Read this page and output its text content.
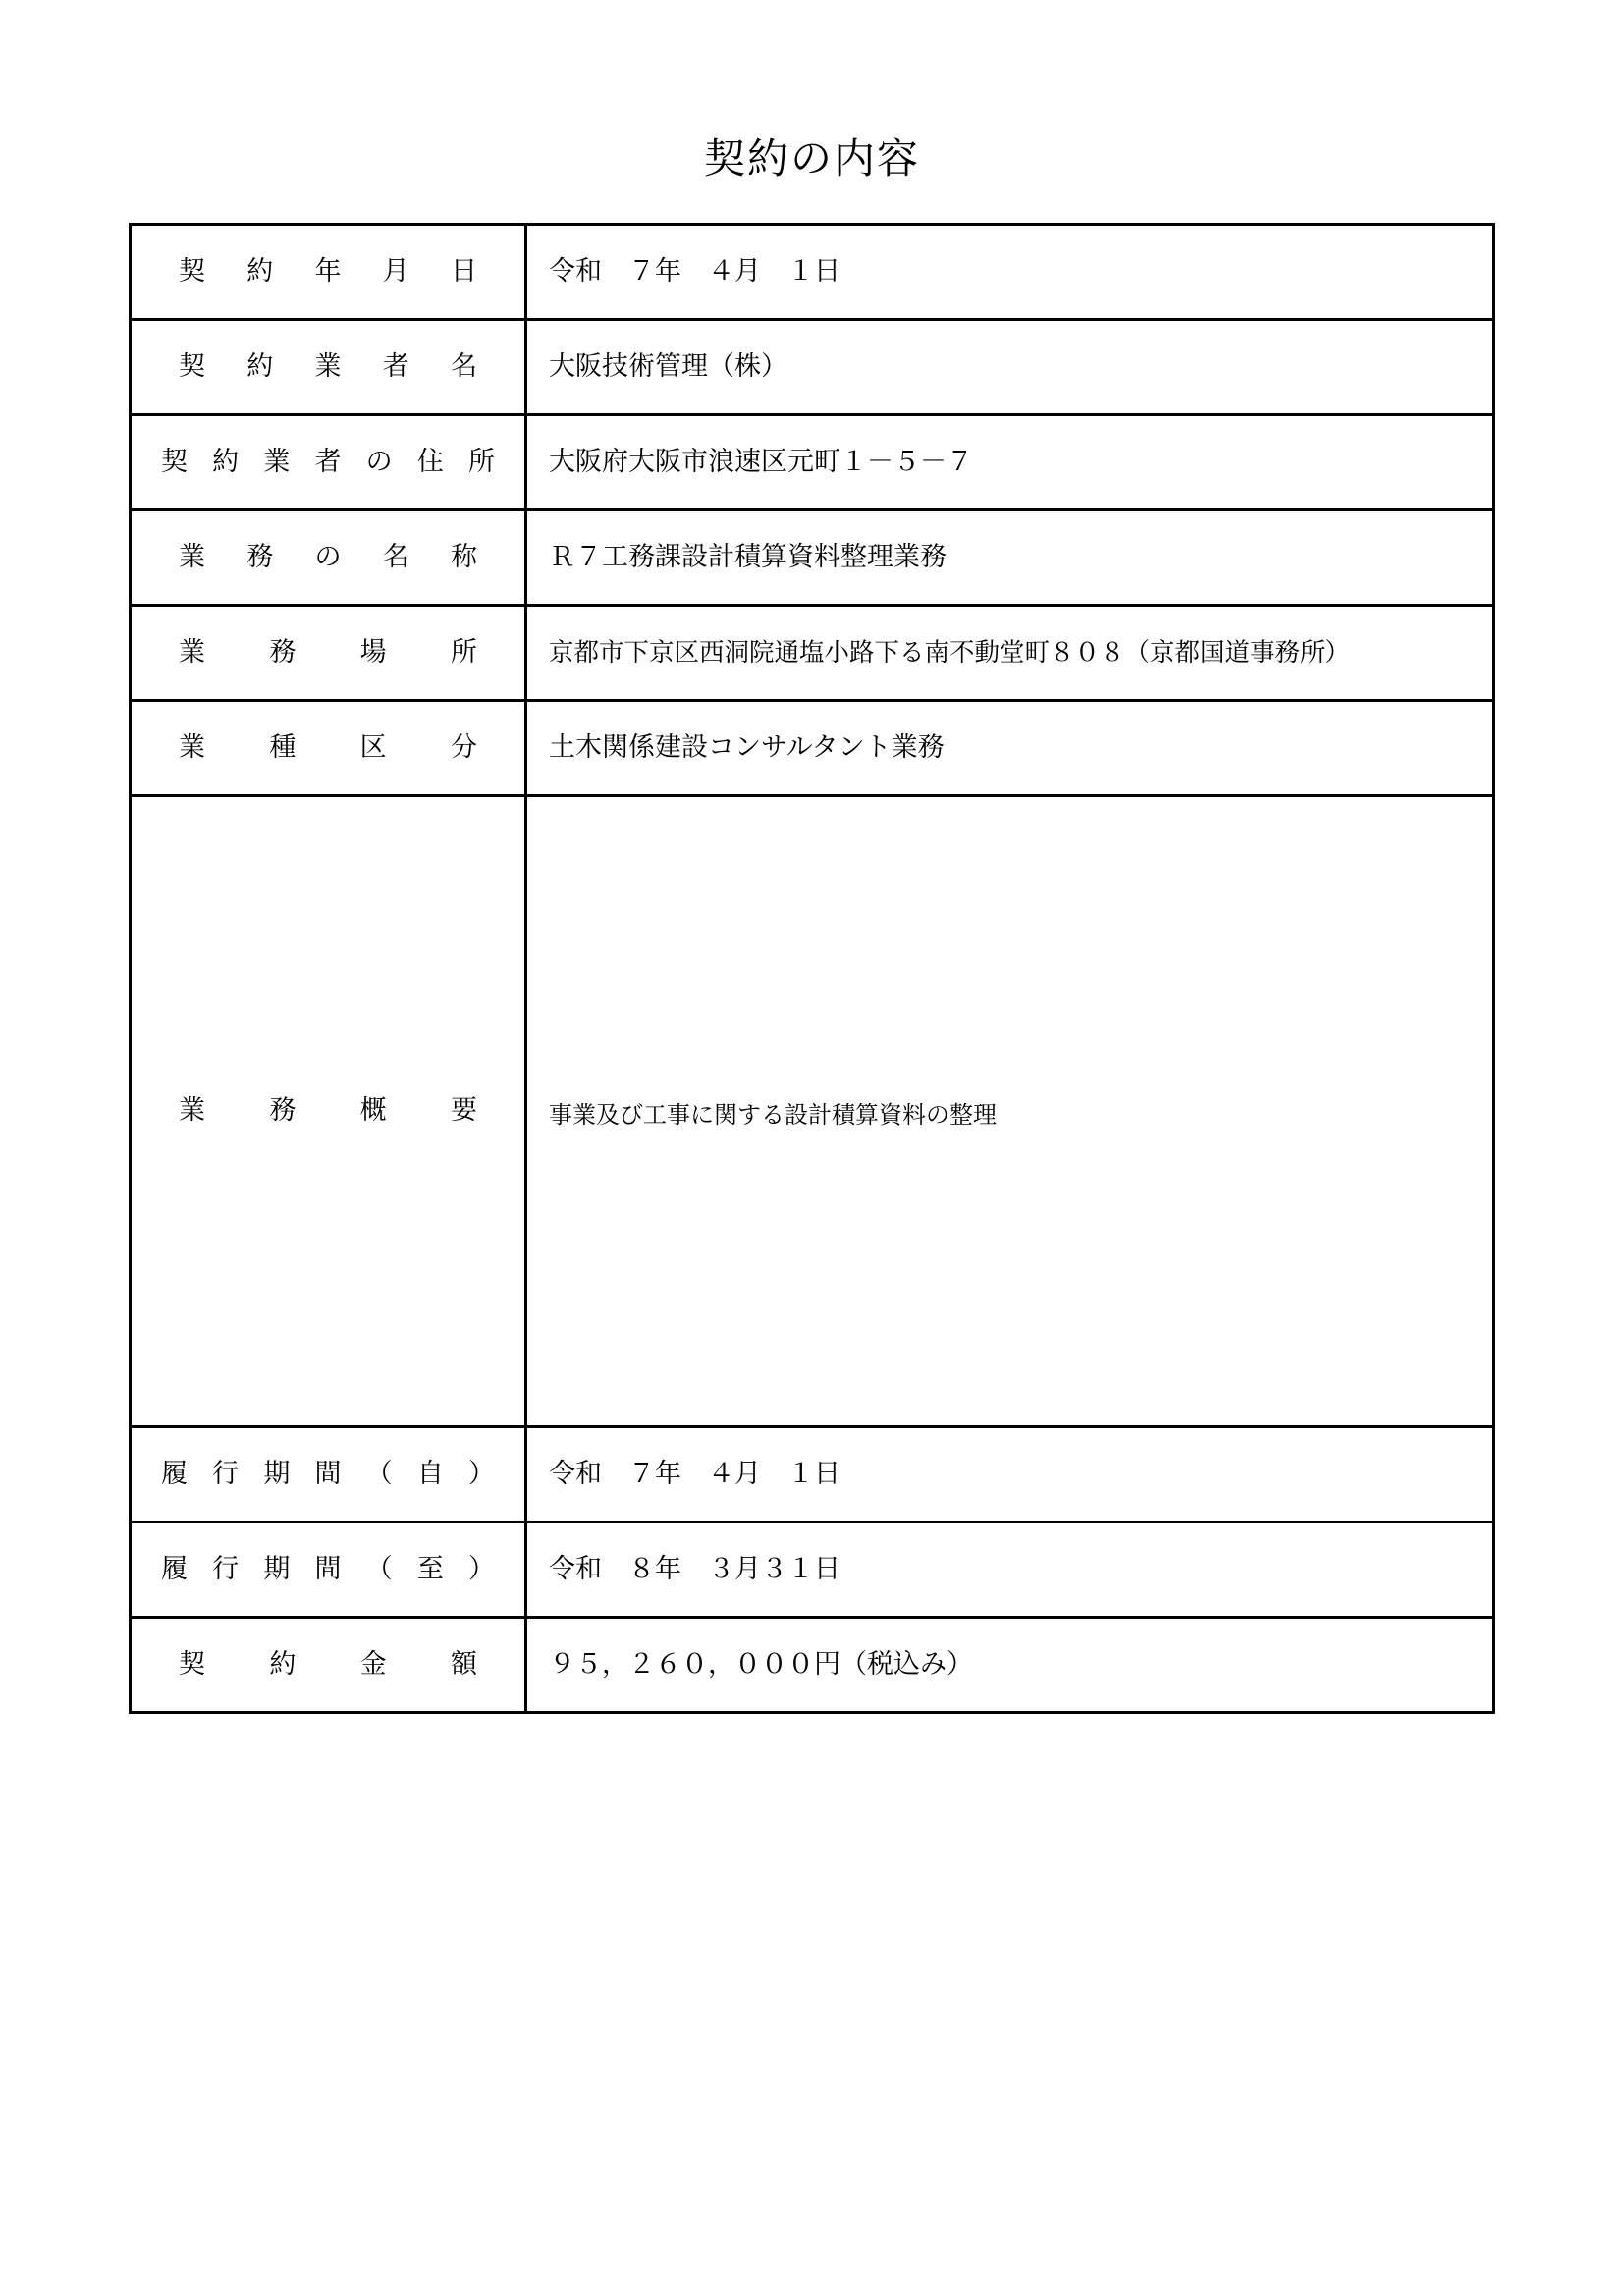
契約の内容
契約年月日	令和　７年　４月　１日

契約業者名	大阪技術管理（株）

契約業者の住所	大阪府大阪市浪速区元町１－５－７

業務の名称	Ｒ７工務課設計積算資料整理業務

業務場所	京都市下京区西洞院通塩小路下る南不動堂町８０８（京都国道事務所）

業種区分	土木関係建設コンサルタント業務

業務概要	事業及び工事に関する設計積算資料の整理

履行期間（自）	令和　７年　４月　１日

履行期間（至）	令和　８年　３月３１日

契約金額	９５，２６０，０００円（税込み）
